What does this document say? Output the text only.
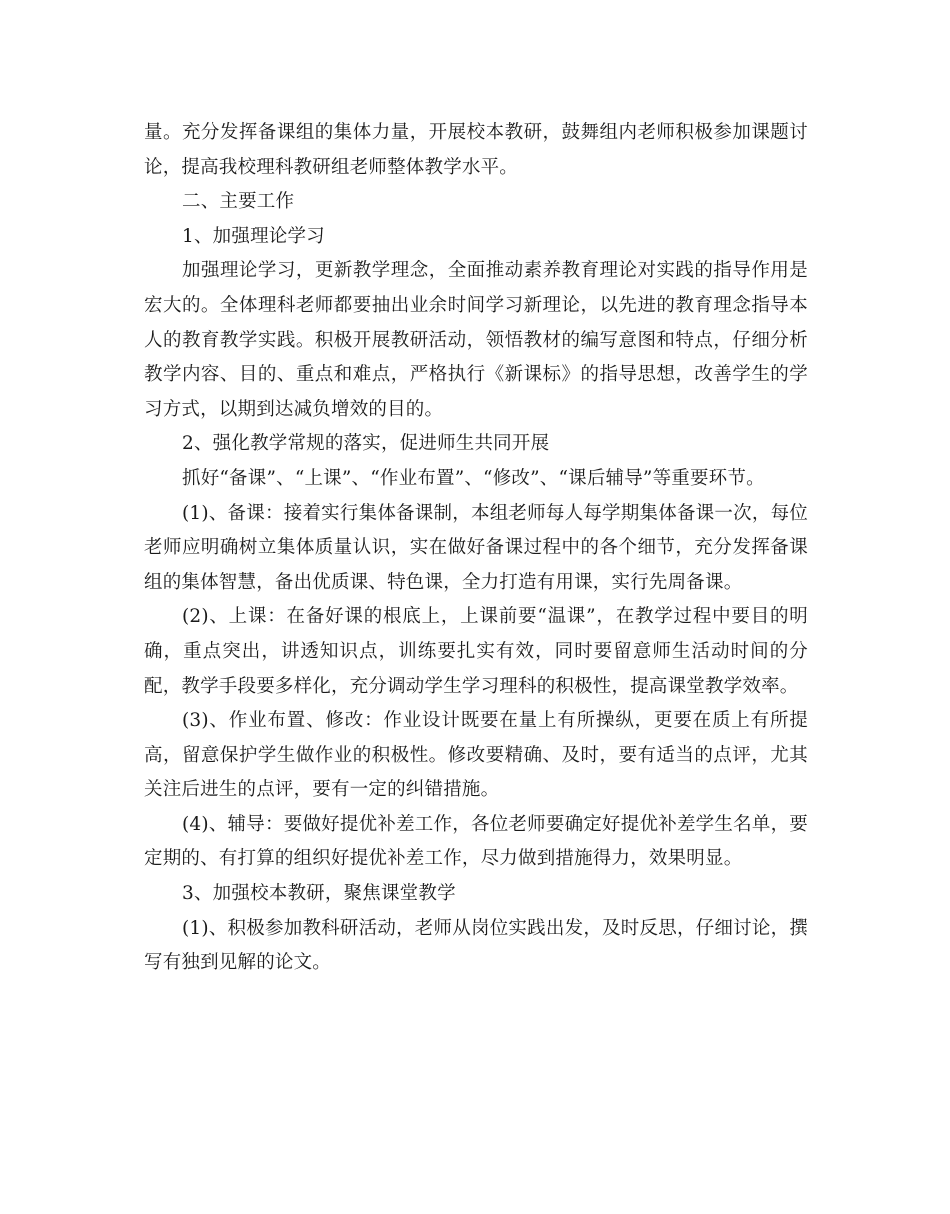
量。充分发挥备课组的集体力量，开展校本教研，鼓舞组内老师积极参加课题讨论，提高我校理科教研组老师整体教学水平。

二、主要工作

1、加强理论学习

加强理论学习，更新教学理念，全面推动素养教育理论对实践的指导作用是宏大的。全体理科老师都要抽出业余时间学习新理论，以先进的教育理念指导本人的教育教学实践。积极开展教研活动，领悟教材的编写意图和特点，仔细分析教学内容、目的、重点和难点，严格执行《新课标》的指导思想，改善学生的学习方式，以期到达减负增效的目的。

2、强化教学常规的落实，促进师生共同开展

抓好“备课”、“上课”、“作业布置”、“修改”、“课后辅导”等重要环节。

(1)、备课：接着实行集体备课制，本组老师每人每学期集体备课一次，每位老师应明确树立集体质量认识，实在做好备课过程中的各个细节，充分发挥备课组的集体智慧，备出优质课、特色课，全力打造有用课，实行先周备课。

(2)、上课：在备好课的根底上，上课前要“温课”，在教学过程中要目的明确，重点突出，讲透知识点，训练要扎实有效，同时要留意师生活动时间的分配，教学手段要多样化，充分调动学生学习理科的积极性，提高课堂教学效率。

(3)、作业布置、修改：作业设计既要在量上有所操纵，更要在质上有所提高，留意保护学生做作业的积极性。修改要精确、及时，要有适当的点评，尤其关注后进生的点评，要有一定的纠错措施。

(4)、辅导：要做好提优补差工作，各位老师要确定好提优补差学生名单，要定期的、有打算的组织好提优补差工作，尽力做到措施得力，效果明显。

3、加强校本教研，聚焦课堂教学

(1)、积极参加教科研活动，老师从岗位实践出发，及时反思，仔细讨论，撰写有独到见解的论文。
